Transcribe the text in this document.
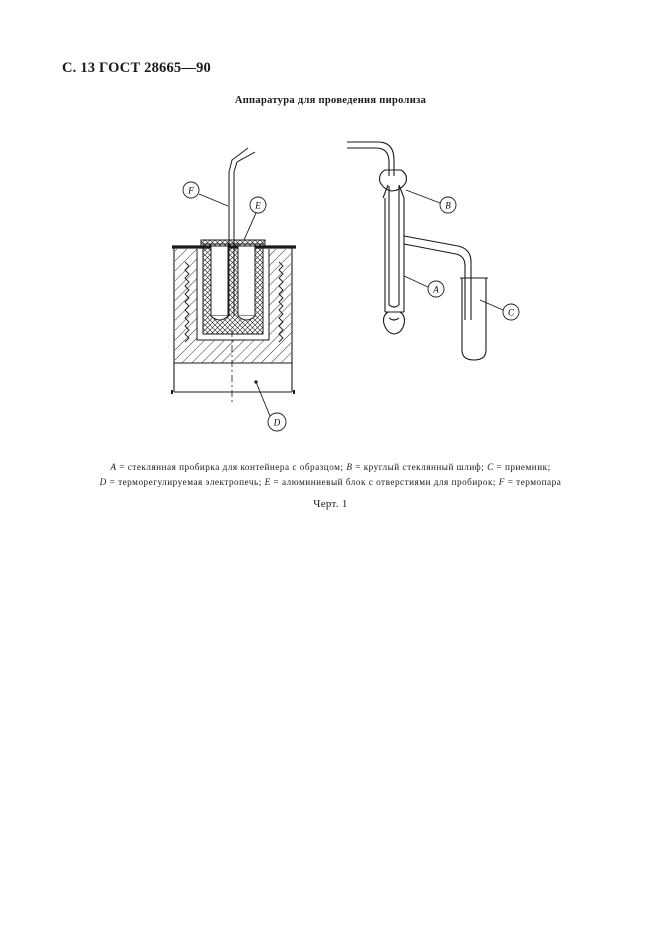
С. 13 ГОСТ 28665—90
Аппаратура для проведения пиролиза
F
E
D
B
A
C
A = стеклянная пробирка для контейнера с образцом; B = круглый стеклянный шлиф; C = приемник;
D = терморегулируемая электропечь; E = алюминиевый блок с отверстиями для пробирок; F = термопара
Черт. 1
